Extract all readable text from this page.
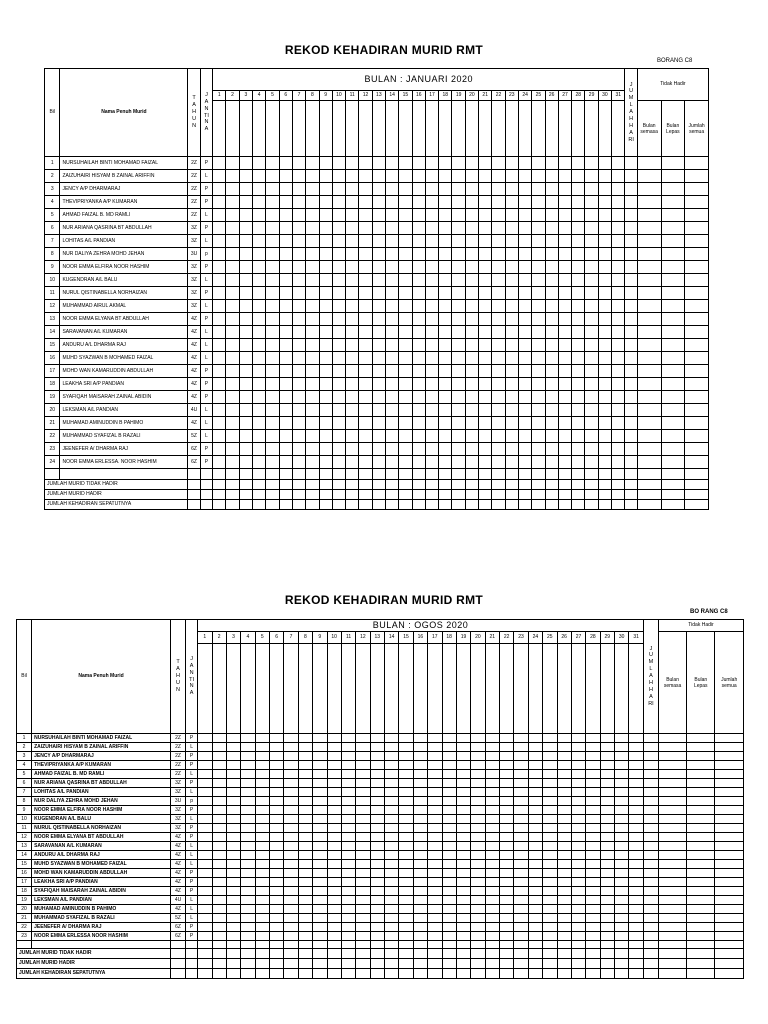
REKOD KEHADIRAN MURID RMT
BORANG C8
Bil	Nama Penuh Murid	TAHUN	JANTINA	BULAN : JANUARI 2020																															JUMLAH HARI	Tidak Hadir		
				1	2	3	4	5	6	7	8	9	10	11	12	13	14	15	16	17	18	19	20	21	22	23	24	25	26	27	28	29	30	31				
																																				Bulan semasa	Bulan Lepas	Jumlah semua
1	NURSUHAILAH BINTI MOHAMAD FAIZAL	2Z	P																																			
2	ZAIZUHAIRI HISYAM B ZAINAL ARIFFIN	2Z	L																																			
3	JENCY A/P DHARMARAJ	2Z	P																																			
4	THEVIPRIYANKA A/P KUMARAN	2Z	P																																			
5	AHMAD FAIZAL B. MD RAMLI	2Z	L																																			
6	NUR ARIANA QASRINA BT ABDULLAH	3Z	P																																			
7	LOHITAS A/L PANDIAN	3Z	L																																			
8	NUR DALIYA ZEHRA MOHD JEHAN	3U	p																																			
9	NOOR EMMA ELFIRA NOOR HASHIM	3Z	P																																			
10	KUGENDRAN A/L BALU	3Z	L																																			
11	NURUL QISTINABELLA NORHAIZAN	3Z	P																																			
12	MUHAMMAD AIRUL AKMAL	3Z	L																																			
13	NOOR EMMA ELYANA BT ABDULLAH	4Z	P																																			
14	SARAVANAN A/L KUMARAN	4Z	L																																			
15	ANDURU A/L DHARMA RAJ	4Z	L																																			
16	MUHD SYAZWAN B MOHAMED FAIZAL	4Z	L																																			
17	MOHD WAN KAMARUDDIN ABDULLAH	4Z	P																																			
18	LEAKHA SRI A/P PANDIAN	4Z	P																																			
19	SYAFIQAH MAISARAH ZAINAL ABIDIN	4Z	P																																			
20	LEKSMAN A/L PANDIAN	4U	L																																			
21	MUHAMAD AMINUDDIN B PAHIMO	4Z	L																																			
22	MUHAMMAD SYAFIZAL B RAZALI	5Z	L																																			
23	JEENEFER A/ DHARMA RAJ	6Z	P																																			
24	NOOR EMMA ERLESSA. NOOR HASHIM	6Z	P																																			

JUMLAH MURID TIDAK HADIR																																						
JUMLAH MURID HADIR																																						
JUMLAH KEHADIRAN SEPATUTNYA																																						
REKOD KEHADIRAN MURID RMT
BO RANG C8
Bil	Nama Penuh Murid	TAHUN	JANTINA	BULAN : OGOS 2020																															JUMLAH HARI	Tidak Hadir		
				1	2	3	4	5	6	7	8	9	10	11	12	13	14	15	16	17	18	19	20	21	22	23	24	25	26	27	28	29	30	31		Bulan semasa	Bulan Lepas	Jumlah semua

1	NURSUHAILAH BINTI MOHAMAD FAIZAL	2Z	P																																			
2	ZAIZUHAIRI HISYAM B ZAINAL ARIFFIN	2Z	L																																			
3	JENCY A/P DHARMARAJ	2Z	P																																			
4	THEVIPRIYANKA A/P KUMARAN	2Z	P																																			
5	AHMAD FAIZAL B. MD RAMLI	2Z	L																																			
6	NUR ARIANA QASRINA BT ABDULLAH	3Z	P																																			
7	LOHITAS A/L PANDIAN	3Z	L																																			
8	NUR DALIYA ZEHRA MOHD JEHAN	3U	p																																			
9	NOOR EMMA ELFIRA NOOR HASHIM	3Z	P																																			
10	KUGENDRAN A/L BALU	3Z	L																																			
11	NURUL QISTINABELLA NORHAIZAN	3Z	P																																			
12	NOOR EMMA ELYANA BT ABDULLAH	4Z	P																																			
13	SARAVANAN A/L KUMARAN	4Z	L																																			
14	ANDURU A/L DHARMA RAJ	4Z	L																																			
15	MUHD SYAZWAN B MOHAMED FAIZAL	4Z	L																																			
16	MOHD WAN KAMARUDDIN ABDULLAH	4Z	P																																			
17	LEAKHA SRI A/P PANDIAN	4Z	P																																			
18	SYAFIQAH MAISARAH ZAINAL ABIDIN	4Z	P																																			
19	LEKSMAN A/L PANDIAN	4U	L																																			
20	MUHAMAD AMINUDDIN B PAHIMO	4Z	L																																			
21	MUHAMMAD SYAFIZAL B RAZALI	5Z	L																																			
22	JEENEFER A/ DHARMA RAJ	6Z	P																																			
23	NOOR EMMA ERLESSA NOOR HASHIM	6Z	P																																			

JUMLAH MURID TIDAK HADIR																																						
JUMLAH MURID HADIR																																						
JUMLAH KEHADIRAN SEPATUTNYA																																						
